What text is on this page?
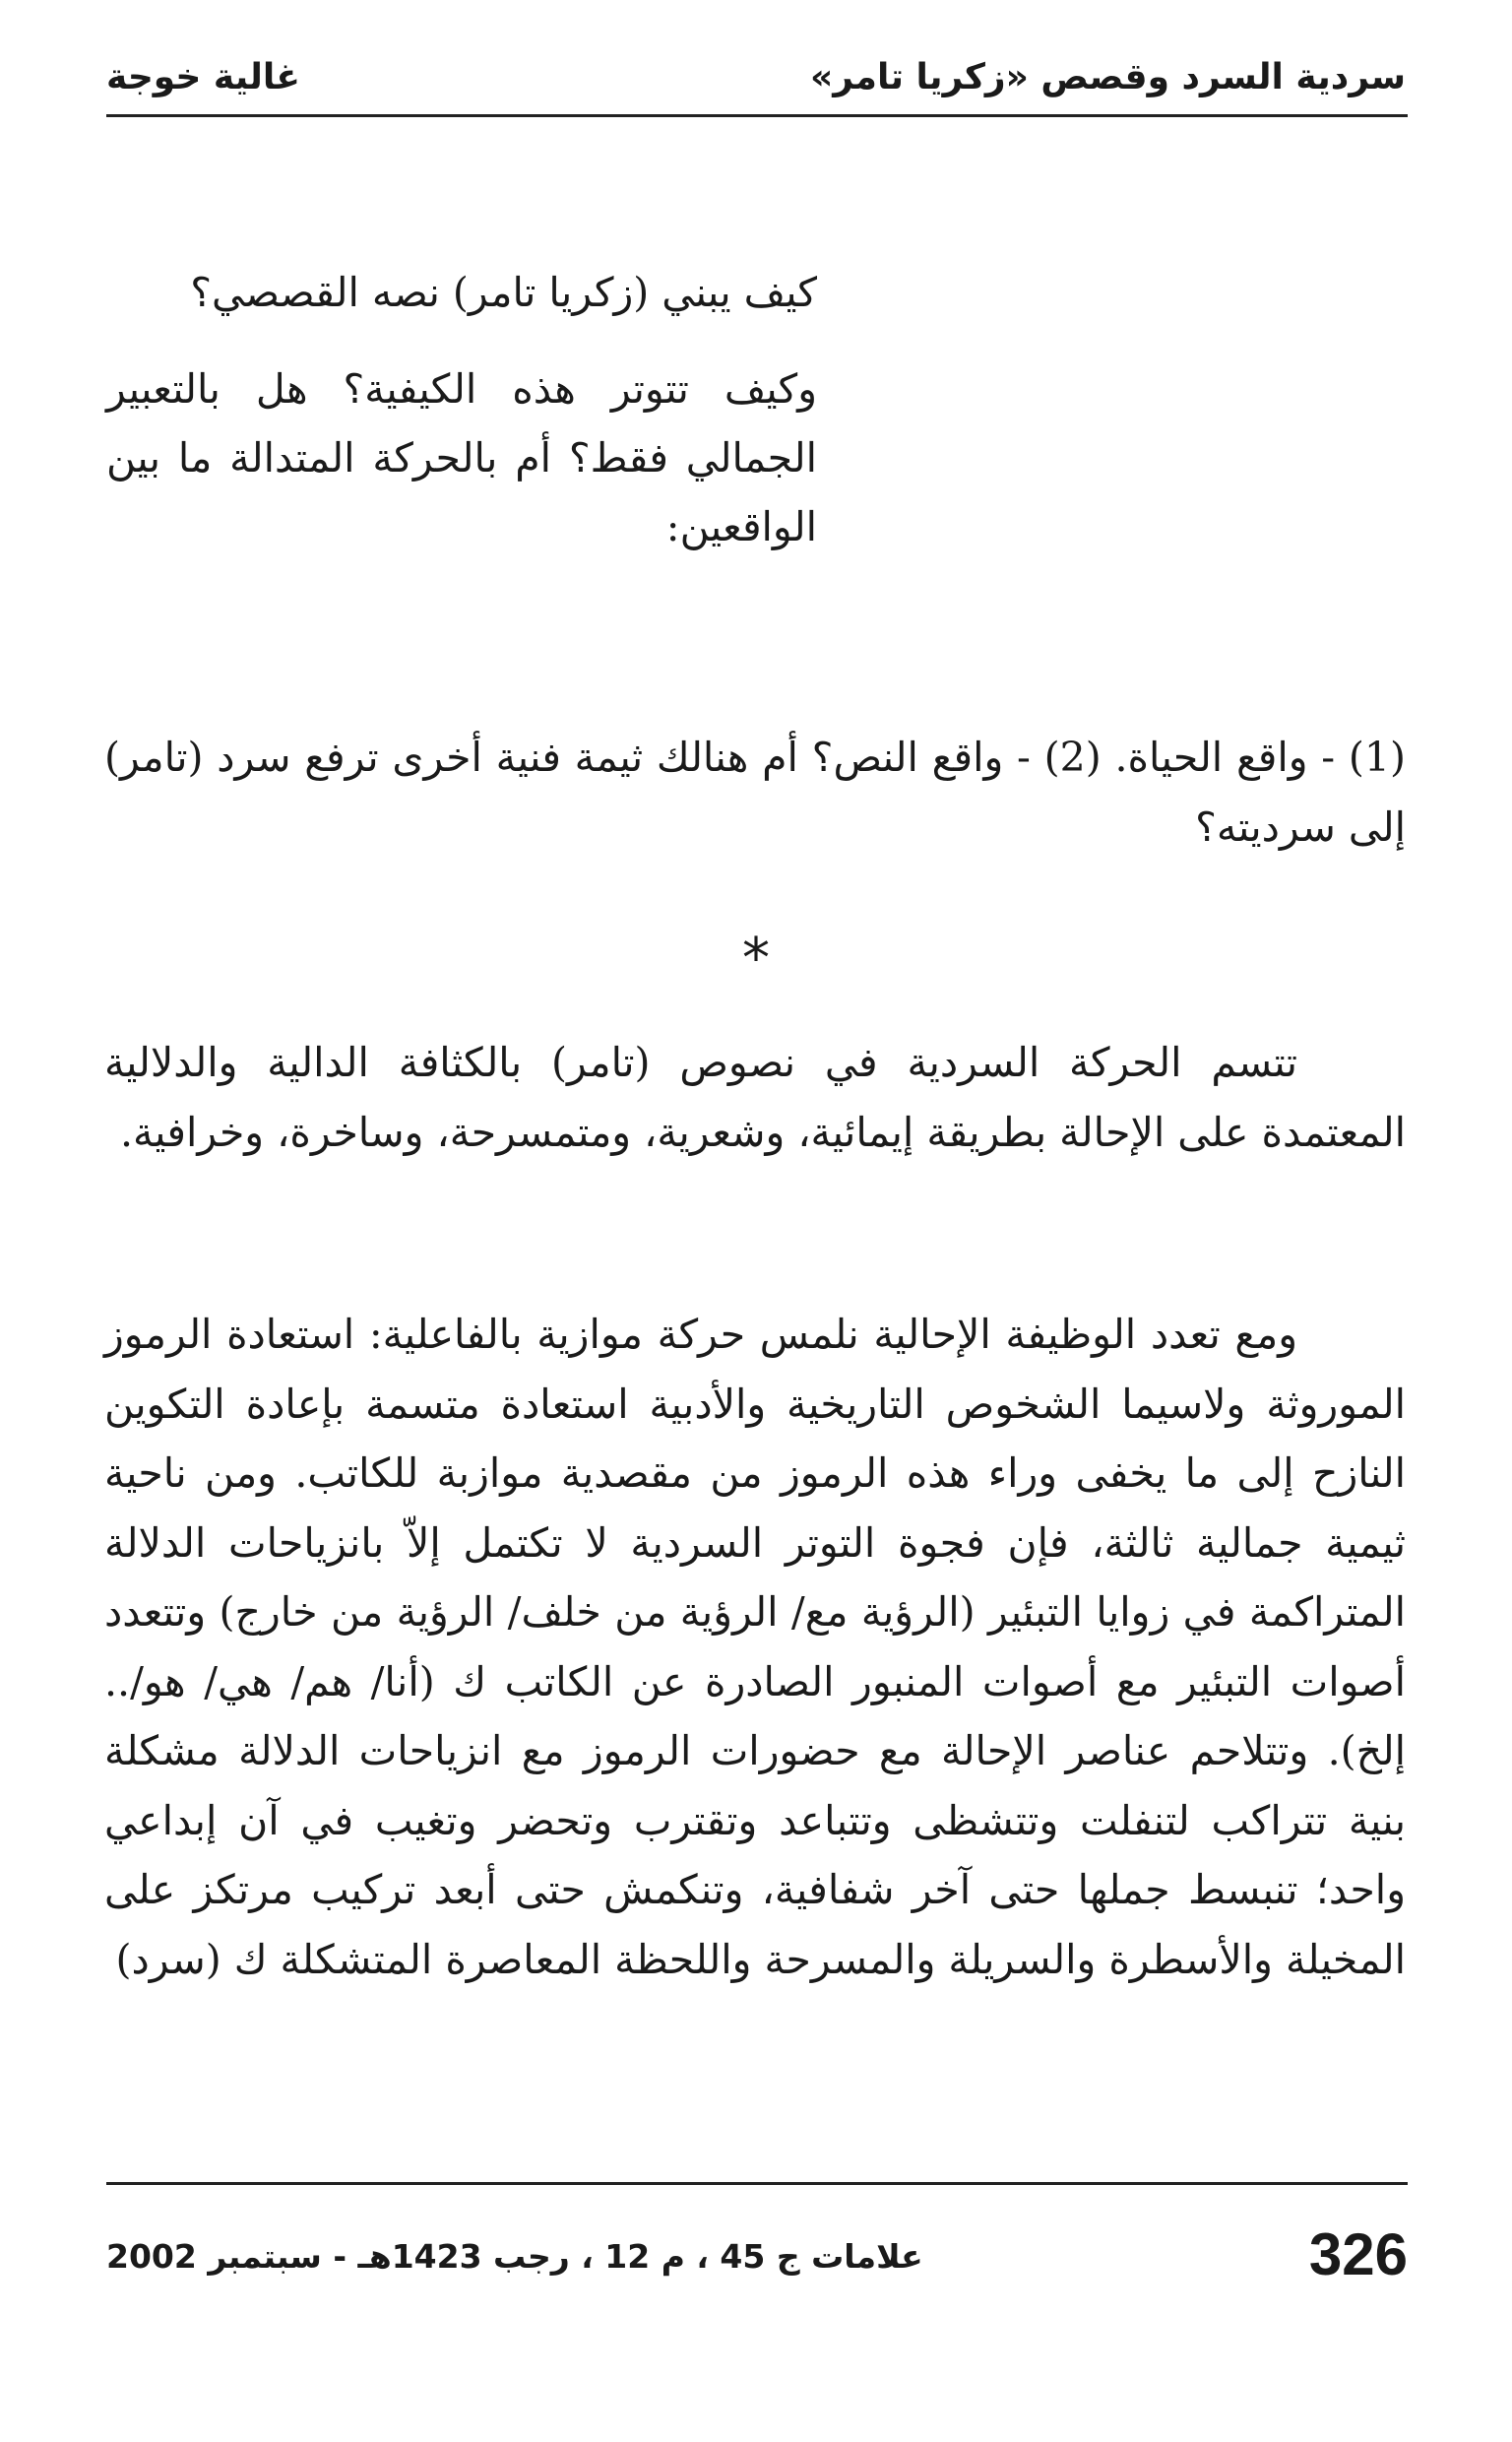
سردية السرد وقصص «زكريا تامر»
غالية خوجة

كيف يبني (زكريا تامر) نصه القصصي؟

وكيف تتوتر هذه الكيفية؟ هل بالتعبير الجمالي فقط؟ أم بالحركة المتدالة ما بين الواقعين:

(1) - واقع الحياة. (2) - واقع النص؟ أم هنالك ثيمة فنية أخرى ترفع سرد (تامر) إلى سرديته؟

*

تتسم الحركة السردية في نصوص (تامر) بالكثافة الدالية والدلالية المعتمدة على الإحالة بطريقة إيمائية، وشعرية، ومتمسرحة، وساخرة، وخرافية.

ومع تعدد الوظيفة الإحالية نلمس حركة موازية بالفاعلية: استعادة الرموز الموروثة ولاسيما الشخوص التاريخية والأدبية استعادة متسمة بإعادة التكوين النازح إلى ما يخفى وراء هذه الرموز من مقصدية موازبة للكاتب. ومن ناحية ثيمية جمالية ثالثة، فإن فجوة التوتر السردية لا تكتمل إلاّ بانزياحات الدلالة المتراكمة في زوايا التبئير (الرؤية مع/ الرؤية من خلف/ الرؤية من خارج) وتتعدد أصوات التبئير مع أصوات المنبور الصادرة عن الكاتب ك (أنا/ هم/ هي/ هو/.. إلخ). وتتلاحم عناصر الإحالة مع حضورات الرموز مع انزياحات الدلالة مشكلة بنية تتراكب لتنفلت وتتشظى وتتباعد وتقترب وتحضر وتغيب في آن إبداعي واحد؛ تنبسط جملها حتى آخر شفافية، وتنكمش حتى أبعد تركيب مرتكز على المخيلة والأسطرة والسريلة والمسرحة واللحظة المعاصرة المتشكلة ك (سرد)

326
علامات ج 45 ، م 12 ، رجب 1423هـ - سبتمبر 2002
